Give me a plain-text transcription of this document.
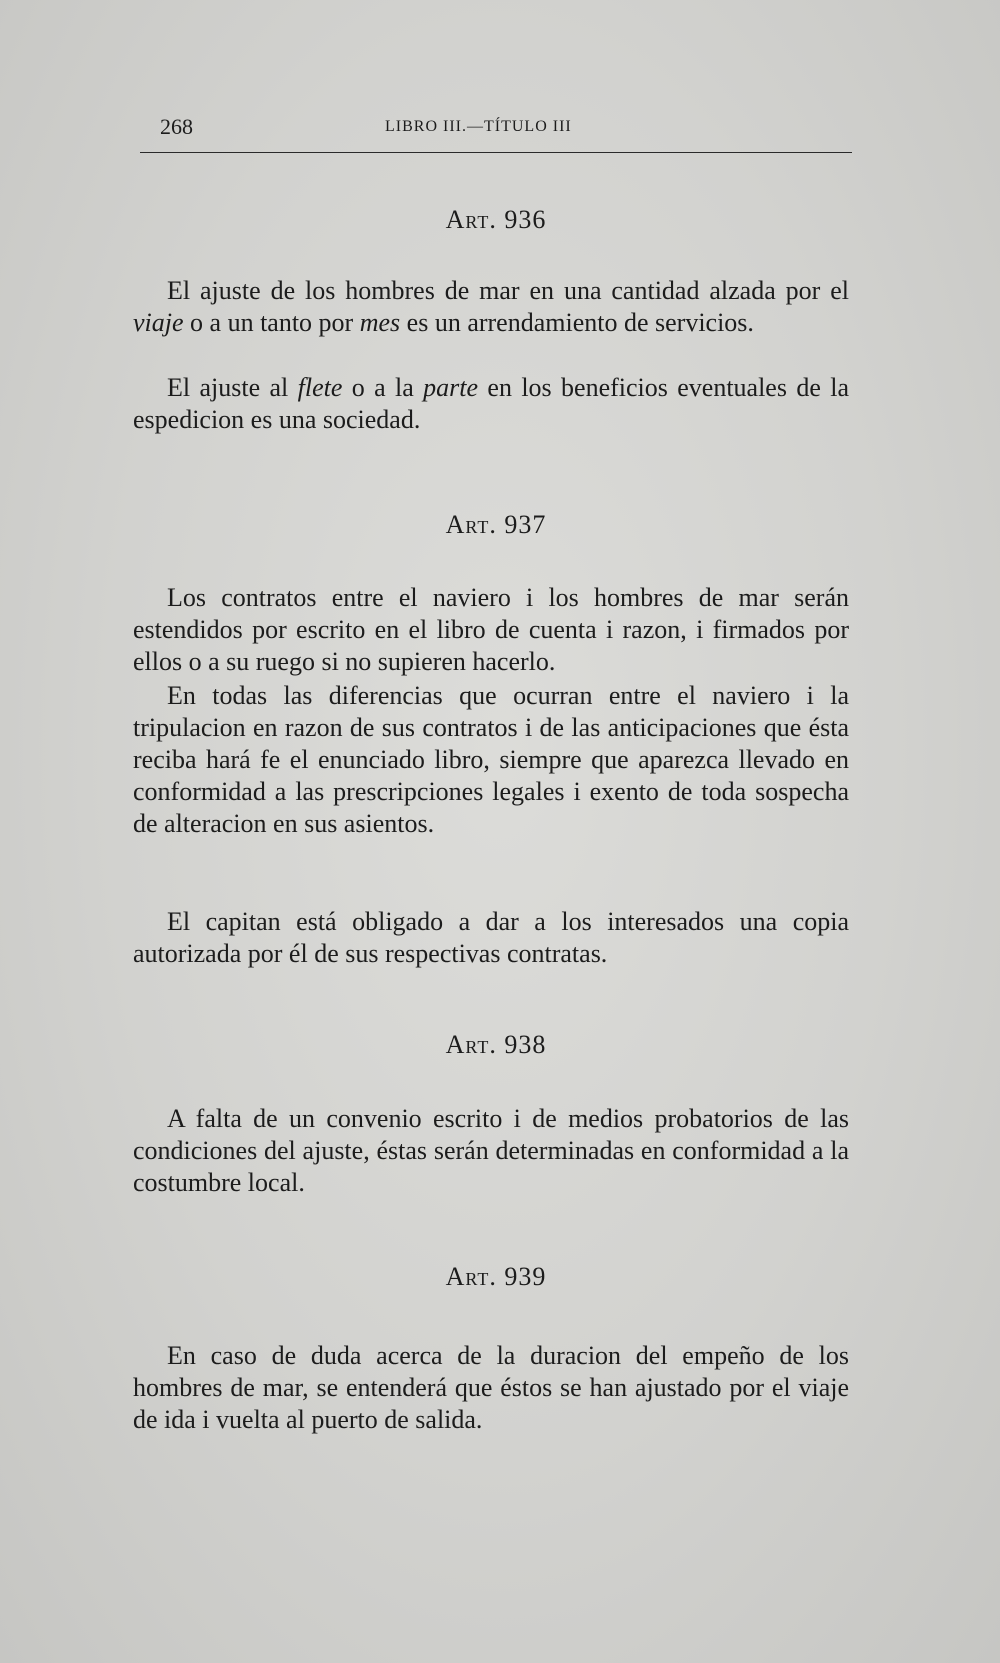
268	LIBRO III.—TÍTULO III
Art. 936

El ajuste de los hombres de mar en una cantidad alzada por el viaje o a un tanto por mes es un arrendamiento de servicios.

El ajuste al flete o a la parte en los beneficios eventuales de la espedicion es una sociedad.

Art. 937

Los contratos entre el naviero i los hombres de mar serán estendidos por escrito en el libro de cuenta i razon, i firmados por ellos o a su ruego si no supieren hacerlo.

En todas las diferencias que ocurran entre el naviero i la tripulacion en razon de sus contratos i de las anticipaciones que ésta reciba hará fe el enunciado libro, siempre que aparezca llevado en conformidad a las prescripciones legales i exento de toda sospecha de alteracion en sus asientos.

El capitan está obligado a dar a los interesados una copia autorizada por él de sus respectivas contratas.

Art. 938

A falta de un convenio escrito i de medios probatorios de las condiciones del ajuste, éstas serán determinadas en conformidad a la costumbre local.

Art. 939

En caso de duda acerca de la duracion del empeño de los hombres de mar, se entenderá que éstos se han ajustado por el viaje de ida i vuelta al puerto de salida.
